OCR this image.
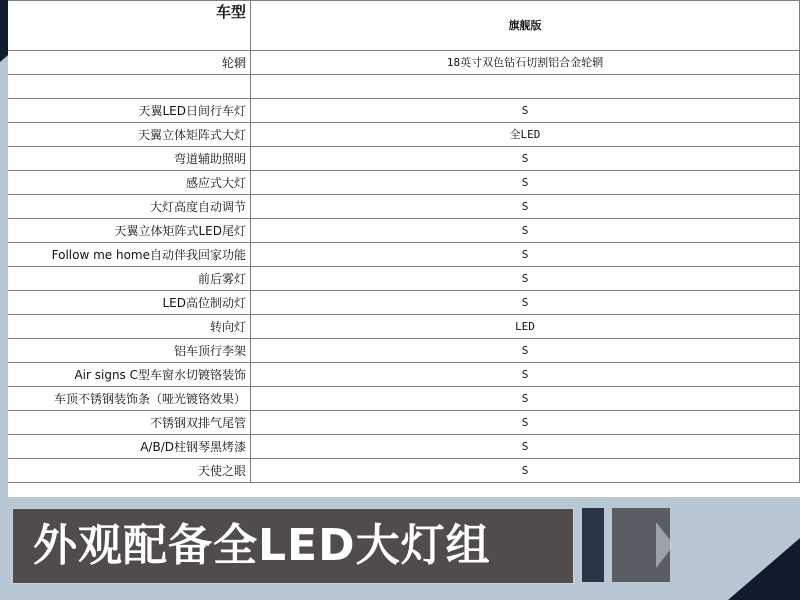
车型	旗舰版
轮辋	18英寸双色钻石切割铝合金轮辋

天翼LED日间行车灯	S
天翼立体矩阵式大灯	全LED
弯道辅助照明	S
感应式大灯	S
大灯高度自动调节	S
天翼立体矩阵式LED尾灯	S
Follow me home自动伴我回家功能	S
前后雾灯	S
LED高位制动灯	S
转向灯	LED
铝车顶行李架	S
Air signs C型车窗水切镀铬装饰	S
车顶不锈钢装饰条（哑光镀铬效果）	S
不锈钢双排气尾管	S
A/B/D柱钢琴黑烤漆	S
天使之眼	S
外观配备全LED大灯组
